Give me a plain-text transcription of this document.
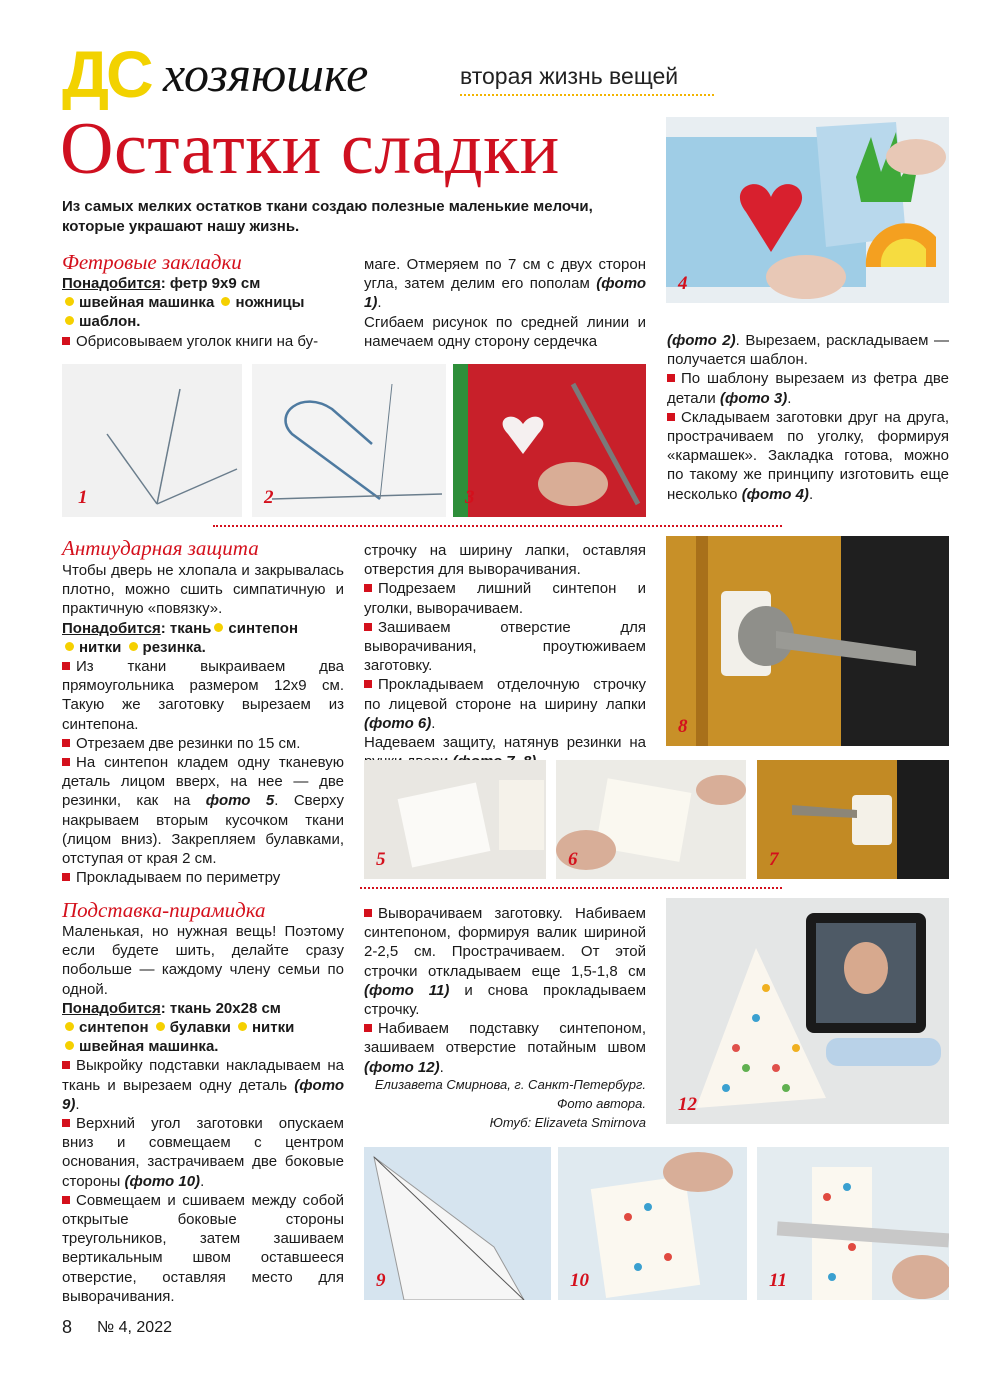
ДС хозяюшке	вторая жизнь вещей
Остатки сладки
Из самых мелких остатков ткани создаю полезные маленькие мелочи, которые украшают нашу жизнь.
Фетровые закладки
Понадобится: фетр 9х9 см
швейная машинка ножницы
шаблон.
Обрисовываем уголок книги на бу-
маге. Отмеряем по 7 см с двух сторон угла, затем делим его пополам (фото 1).
Сгибаем рисунок по средней линии и намечаем одну сторону сердечка	(фото 2). Вырезаем, раскладываем — получается шаблон.
По шаблону вырезаем из фетра две детали (фото 3).
Складываем заготовки друг на друга, прострачиваем по уголку, формируя «кармашек». Закладка готова, можно по такому же принципу изготовить еще несколько (фото 4).
4
1	2	3
Антиударная защита
Чтобы дверь не хлопала и закрывалась плотно, можно сшить симпатичную и практичную «повязку».
Понадобится: ткань синтепон
нитки резинка.
Из ткани выкраиваем два прямоугольника размером 12х9 см. Такую же заготовку вырезаем из синтепона.
Отрезаем две резинки по 15 см.
На синтепон кладем одну тканевую деталь лицом вверх, на нее — две резинки, как на фото 5. Сверху накрываем вторым кусочком ткани (лицом вниз). Закрепляем булавками, отступая от края 2 см.
Прокладываем по периметру
строчку на ширину лапки, оставляя отверстия для выворачивания.
Подрезаем лишний синтепон и уголки, выворачиваем.
Зашиваем отверстие для выворачивания, проутюживаем заготовку.
Прокладываем отделочную строчку по лицевой стороне на ширину лапки (фото 6).
Надеваем защиту, натянув резинки на
8
5	6	7
Подставка-пирамидка
Маленькая, но нужная вещь! Поэтому если будете шить, делайте сразу побольше — каждому члену семьи по одной.
Понадобится: ткань 20х28 см
синтепон булавки нитки
швейная машинка.
Выкройку подставки накладываем на ткань и вырезаем одну деталь (фото 9).
Верхний угол заготовки опускаем вниз и совмещаем с центром основания, застрачиваем две боковые стороны (фото 10).
Совмещаем и сшиваем между собой открытые боковые стороны треугольников, затем зашиваем вертикальным швом оставшееся отверстие, оставляя место для выворачивания.
Выворачиваем заготовку. Набиваем синтепоном, формируя валик шириной 2-2,5 см. Прострачиваем. От этой строчки откладываем еще 1,5-1,8 см (фото 11) и снова прокладываем строчку.
Набиваем подставку синтепоном, зашиваем отверстие потайным швом (фото 12).
Елизавета Смирнова, г. Санкт-Петербург.
Фото автора.
Ютуб: Elizaveta Smirnova
12
9	10	11
8 № 4, 2022
